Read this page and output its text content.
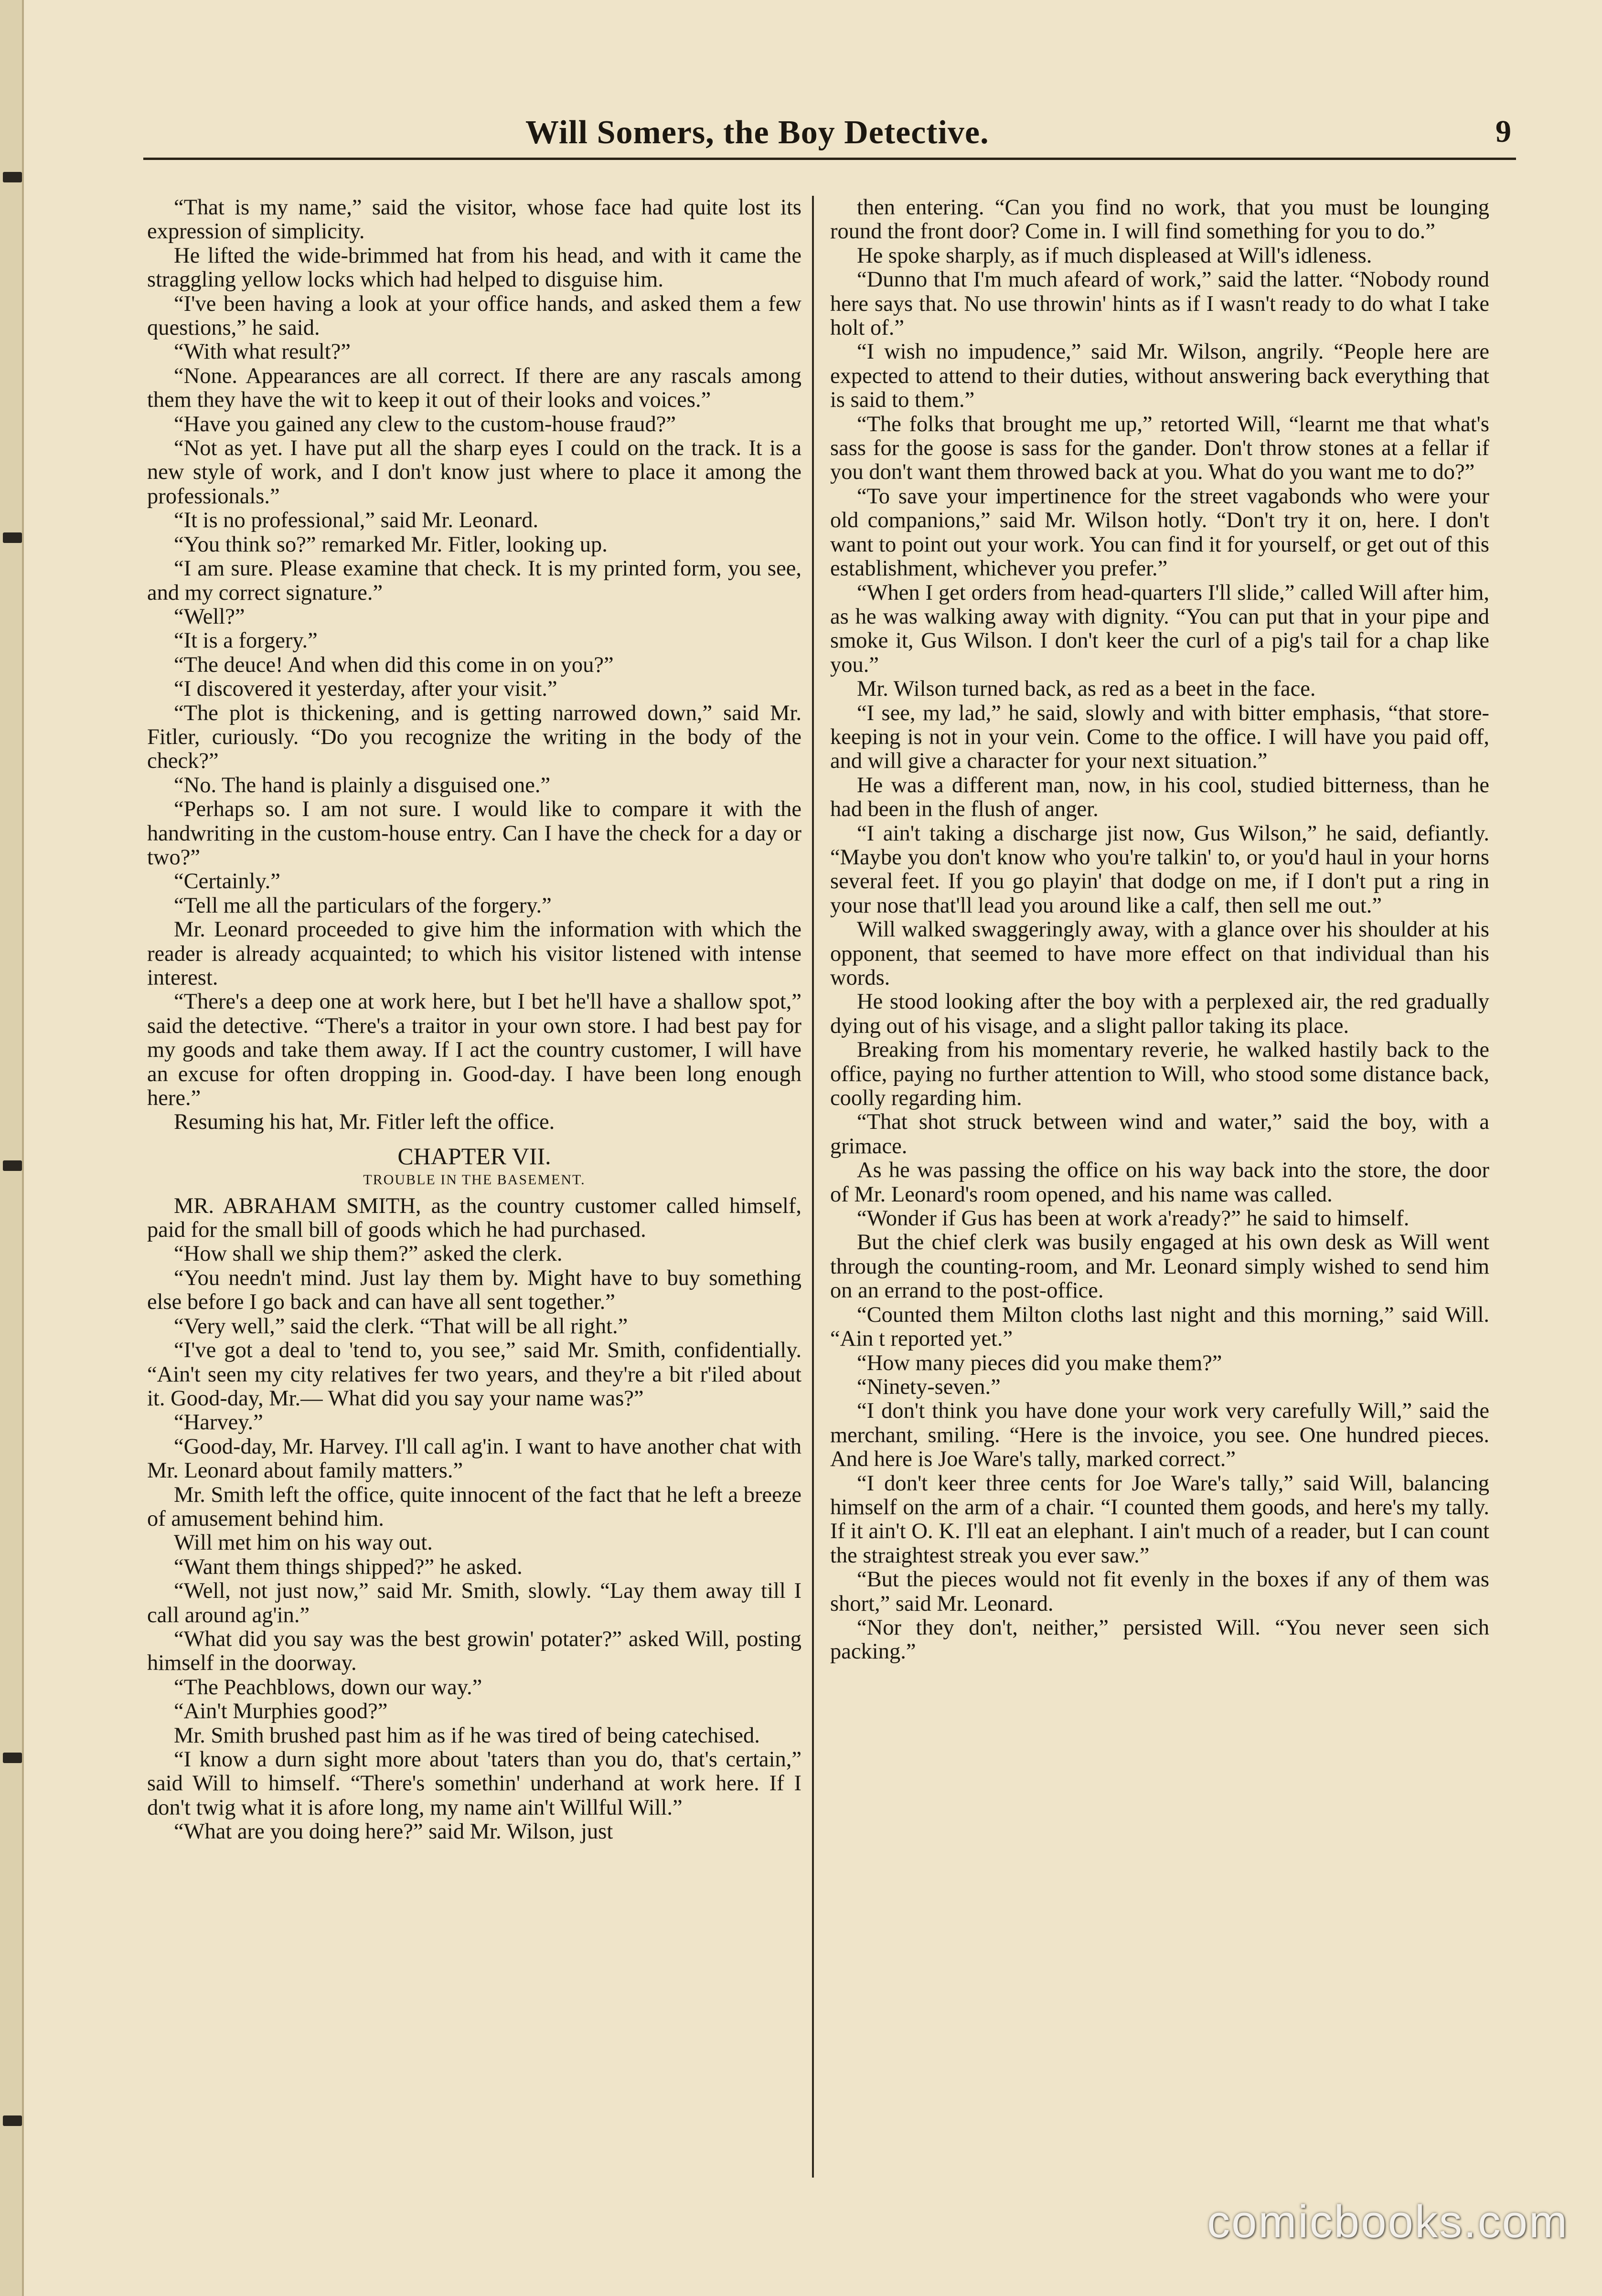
Will Somers, the Boy Detective.	9

“That is my name,” said the visitor, whose face had quite lost its expression of simplicity.

He lifted the wide-brimmed hat from his head, and with it came the straggling yellow locks which had helped to disguise him.

“I've been having a look at your office hands, and asked them a few questions,” he said.

“With what result?”

“None. Appearances are all correct. If there are any rascals among them they have the wit to keep it out of their looks and voices.”

“Have you gained any clew to the custom-house fraud?”

“Not as yet. I have put all the sharp eyes I could on the track. It is a new style of work, and I don't know just where to place it among the professionals.”

“It is no professional,” said Mr. Leonard.

“You think so?” remarked Mr. Fitler, looking up.

“I am sure. Please examine that check. It is my printed form, you see, and my correct signature.”

“Well?”

“It is a forgery.”

“The deuce! And when did this come in on you?”

“I discovered it yesterday, after your visit.”

“The plot is thickening, and is getting narrowed down,” said Mr. Fitler, curiously. “Do you recognize the writing in the body of the check?”

“No. The hand is plainly a disguised one.”

“Perhaps so. I am not sure. I would like to compare it with the handwriting in the custom-house entry. Can I have the check for a day or two?”

“Certainly.”

“Tell me all the particulars of the forgery.”

Mr. Leonard proceeded to give him the information with which the reader is already acquainted; to which his visitor listened with intense interest.

“There's a deep one at work here, but I bet he'll have a shallow spot,” said the detective. “There's a traitor in your own store. I had best pay for my goods and take them away. If I act the country customer, I will have an excuse for often dropping in. Good-day. I have been long enough here.”

Resuming his hat, Mr. Fitler left the office.

CHAPTER VII.

TROUBLE IN THE BASEMENT.

MR. ABRAHAM SMITH, as the country customer called himself, paid for the small bill of goods which he had purchased.

“How shall we ship them?” asked the clerk.

“You needn't mind. Just lay them by. Might have to buy something else before I go back and can have all sent together.”

“Very well,” said the clerk. “That will be all right.”

“I've got a deal to 'tend to, you see,” said Mr. Smith, confidentially. “Ain't seen my city relatives fer two years, and they're a bit r'iled about it. Good-day, Mr.— What did you say your name was?”

“Harvey.”

“Good-day, Mr. Harvey. I'll call ag'in. I want to have another chat with Mr. Leonard about family matters.”

Mr. Smith left the office, quite innocent of the fact that he left a breeze of amusement behind him.

Will met him on his way out.

“Want them things shipped?” he asked.

“Well, not just now,” said Mr. Smith, slowly. “Lay them away till I call around ag'in.”

“What did you say was the best growin' potater?” asked Will, posting himself in the doorway.

“The Peachblows, down our way.”

“Ain't Murphies good?”

Mr. Smith brushed past him as if he was tired of being catechised.

“I know a durn sight more about 'taters than you do, that's certain,” said Will to himself. “There's somethin' underhand at work here. If I don't twig what it is afore long, my name ain't Willful Will.”

“What are you doing here?” said Mr. Wilson, just

then entering. “Can you find no work, that you must be lounging round the front door? Come in. I will find something for you to do.”

He spoke sharply, as if much displeased at Will's idleness.

“Dunno that I'm much afeard of work,” said the latter. “Nobody round here says that. No use throwin' hints as if I wasn't ready to do what I take holt of.”

“I wish no impudence,” said Mr. Wilson, angrily. “People here are expected to attend to their duties, without answering back everything that is said to them.”

“The folks that brought me up,” retorted Will, “learnt me that what's sass for the goose is sass for the gander. Don't throw stones at a fellar if you don't want them throwed back at you. What do you want me to do?”

“To save your impertinence for the street vagabonds who were your old companions,” said Mr. Wilson hotly. “Don't try it on, here. I don't want to point out your work. You can find it for yourself, or get out of this establishment, whichever you prefer.”

“When I get orders from head-quarters I'll slide,” called Will after him, as he was walking away with dignity. “You can put that in your pipe and smoke it, Gus Wilson. I don't keer the curl of a pig's tail for a chap like you.”

Mr. Wilson turned back, as red as a beet in the face.

“I see, my lad,” he said, slowly and with bitter emphasis, “that store-keeping is not in your vein. Come to the office. I will have you paid off, and will give a character for your next situation.”

He was a different man, now, in his cool, studied bitterness, than he had been in the flush of anger.

“I ain't taking a discharge jist now, Gus Wilson,” he said, defiantly. “Maybe you don't know who you're talkin' to, or you'd haul in your horns several feet. If you go playin' that dodge on me, if I don't put a ring in your nose that'll lead you around like a calf, then sell me out.”

Will walked swaggeringly away, with a glance over his shoulder at his opponent, that seemed to have more effect on that individual than his words.

He stood looking after the boy with a perplexed air, the red gradually dying out of his visage, and a slight pallor taking its place.

Breaking from his momentary reverie, he walked hastily back to the office, paying no further attention to Will, who stood some distance back, coolly regarding him.

“That shot struck between wind and water,” said the boy, with a grimace.

As he was passing the office on his way back into the store, the door of Mr. Leonard's room opened, and his name was called.

“Wonder if Gus has been at work a'ready?” he said to himself.

But the chief clerk was busily engaged at his own desk as Will went through the counting-room, and Mr. Leonard simply wished to send him on an errand to the post-office.

“Counted them Milton cloths last night and this morning,” said Will. “Ain t reported yet.”

“How many pieces did you make them?”

“Ninety-seven.”

“I don't think you have done your work very carefully Will,” said the merchant, smiling. “Here is the invoice, you see. One hundred pieces. And here is Joe Ware's tally, marked correct.”

“I don't keer three cents for Joe Ware's tally,” said Will, balancing himself on the arm of a chair. “I counted them goods, and here's my tally. If it ain't O. K. I'll eat an elephant. I ain't much of a reader, but I can count the straightest streak you ever saw.”

“But the pieces would not fit evenly in the boxes if any of them was short,” said Mr. Leonard.

“Nor they don't, neither,” persisted Will. “You never seen sich packing.”

comicbooks.com
